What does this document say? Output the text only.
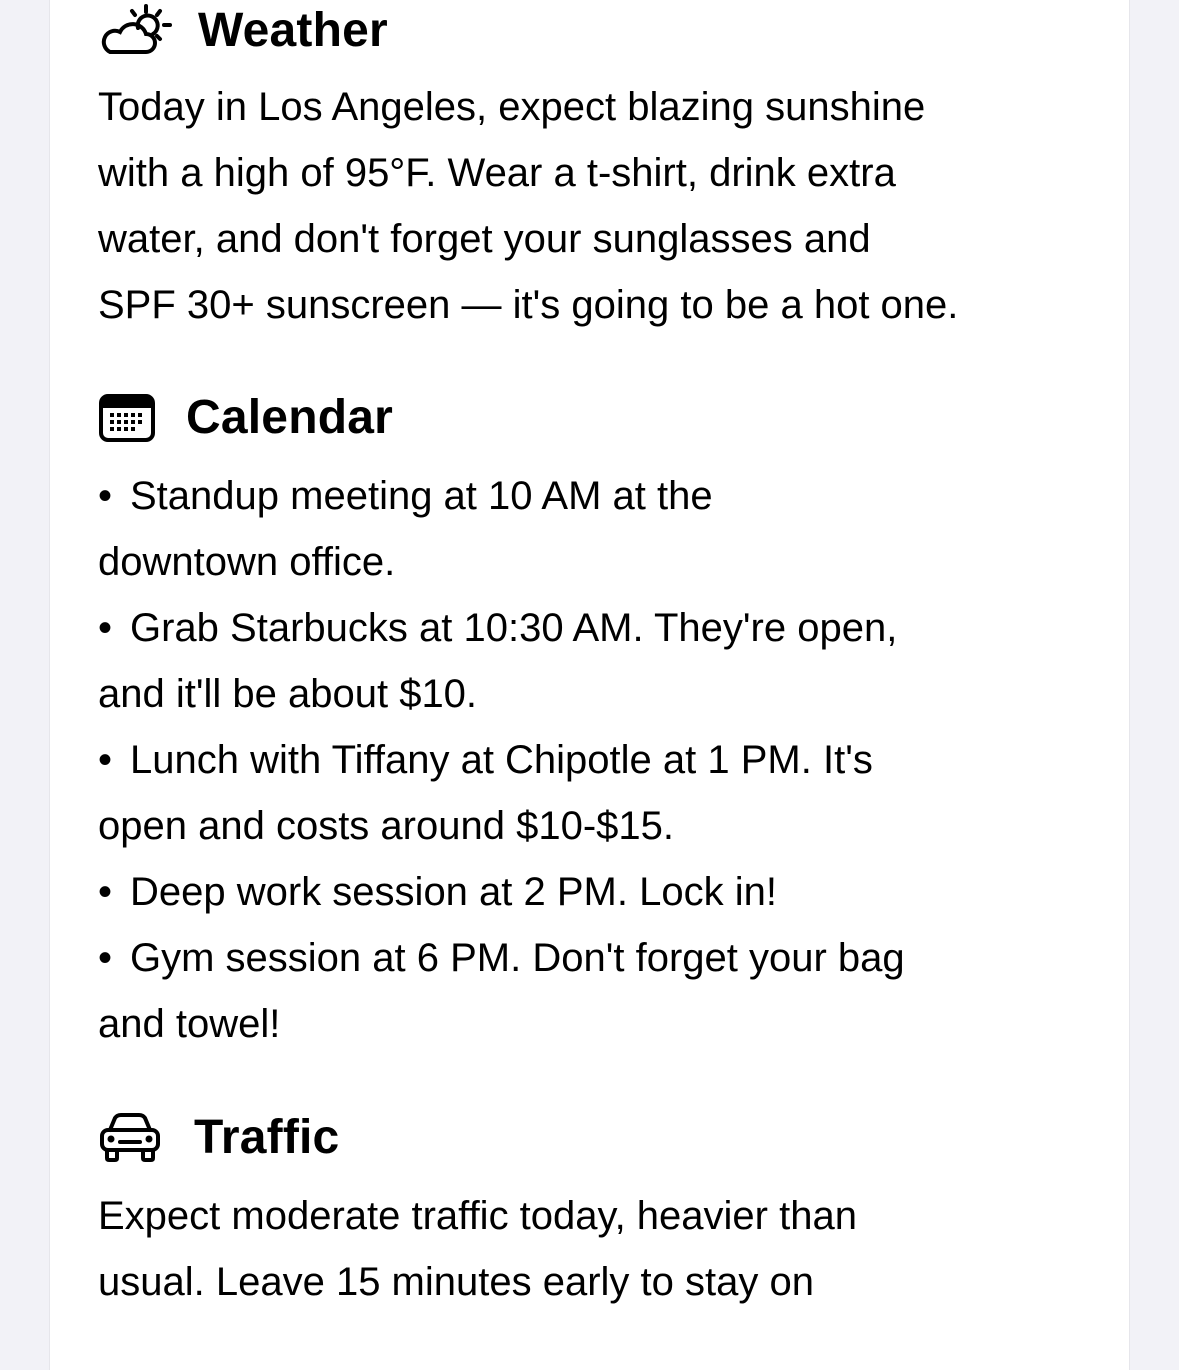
Weather
Today in Los Angeles, expect blazing sunshine
with a high of 95°F. Wear a t-shirt, drink extra
water, and don't forget your sunglasses and
SPF 30+ sunscreen — it's going to be a hot one.
Calendar
• Standup meeting at 10 AM at the
downtown office.
• Grab Starbucks at 10:30 AM. They're open,
and it'll be about $10.
• Lunch with Tiffany at Chipotle at 1 PM. It's
open and costs around $10-$15.
• Deep work session at 2 PM. Lock in!
• Gym session at 6 PM. Don't forget your bag
and towel!
Traffic
Expect moderate traffic today, heavier than
usual. Leave 15 minutes early to stay on
